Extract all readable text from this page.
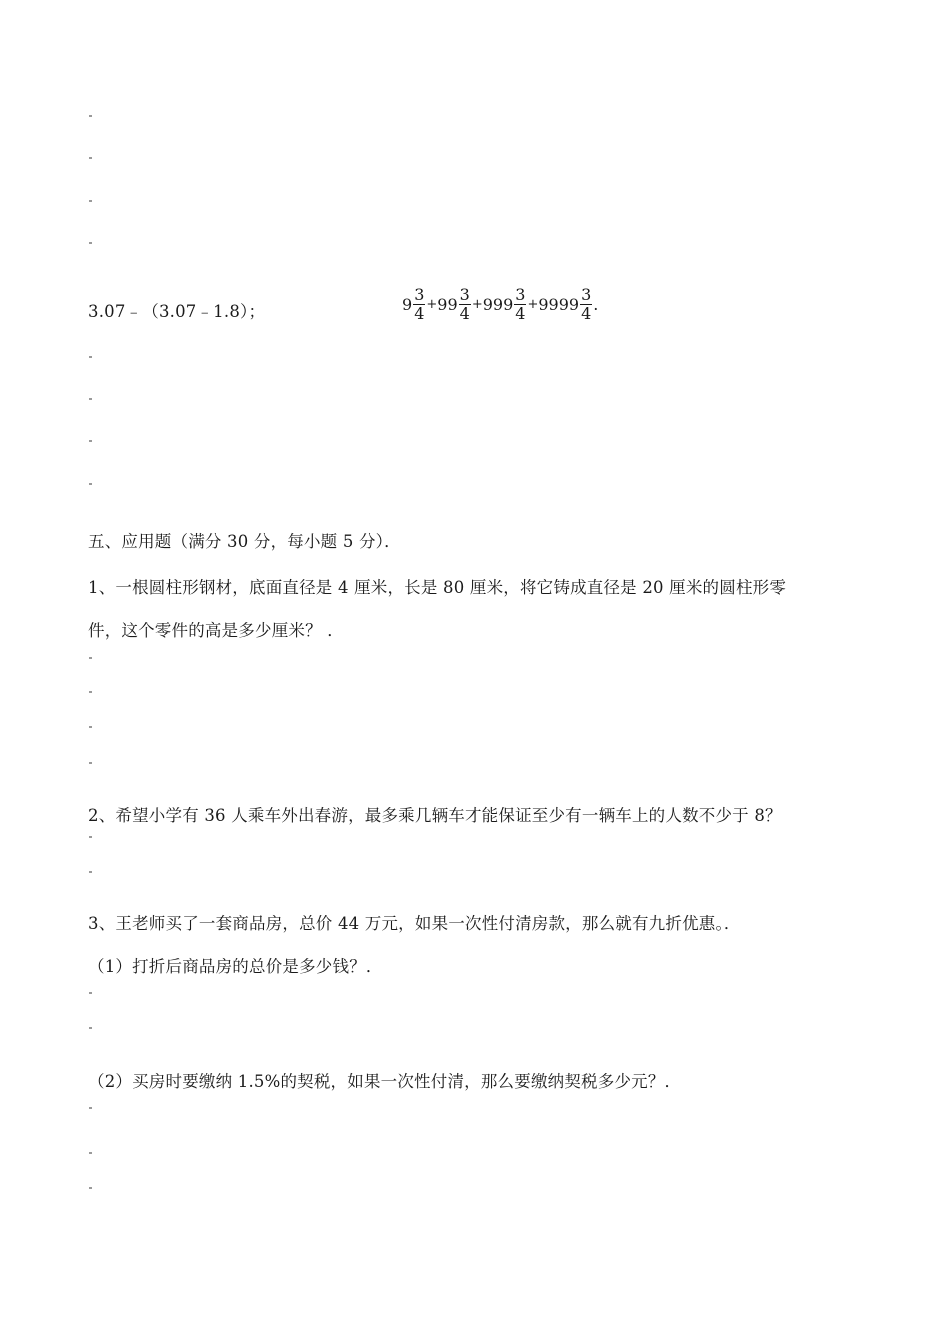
3.07﹣（3.07﹣1.8）；	$9 \frac{3}{4} + 99 \frac{3}{4} + 999 \frac{3}{4} + 9999 \frac{3}{4}$ .
五、应用题（满分 30 分，每小题 5 分）．
1、一根圆柱形钢材，底面直径是 4 厘米，长是 80 厘米，将它铸成直径是 20 厘米的圆柱形零
件，这个零件的高是多少厘米？ ．
2、希望小学有 36 人乘车外出春游，最多乘几辆车才能保证至少有一辆车上的人数不少于 8？
3、王老师买了一套商品房，总价 44 万元，如果一次性付清房款，那么就有九折优惠。．
（1）打折后商品房的总价是多少钱？．
（2）买房时要缴纳 1.5%的契税，如果一次性付清，那么要缴纳契税多少元？．
